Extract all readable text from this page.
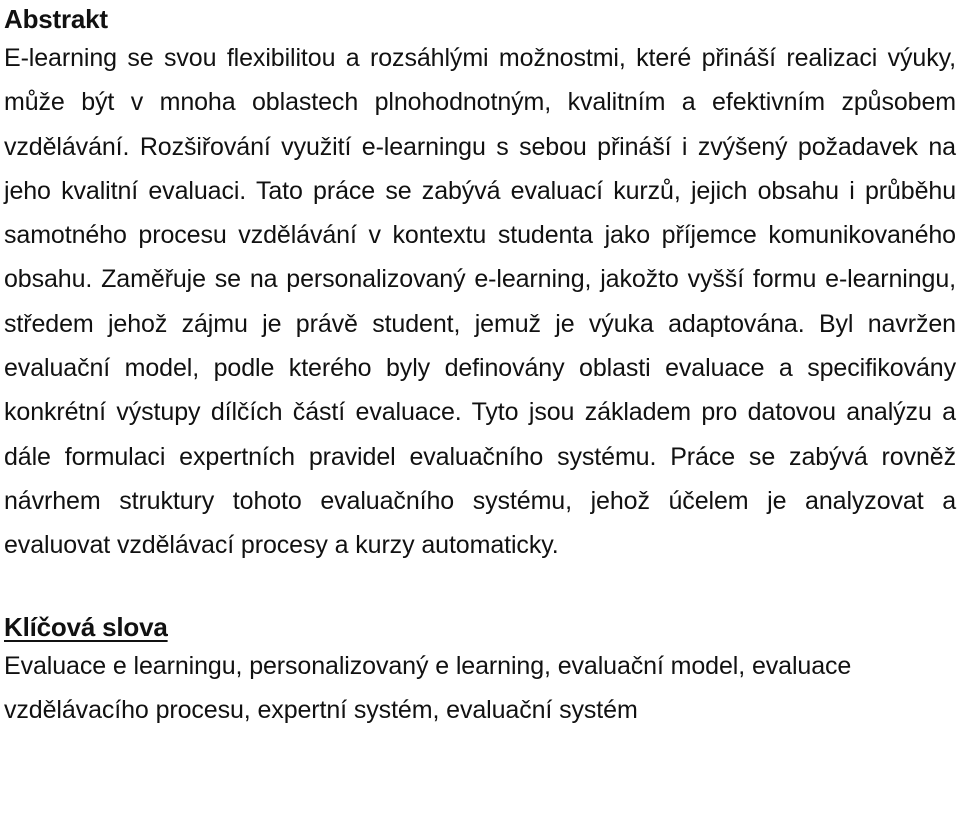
Abstrakt

E-learning se svou flexibilitou a rozsáhlými možnostmi, které přináší realizaci výuky, může být v mnoha oblastech plnohodnotným, kvalitním a efektivním způsobem vzdělávání. Rozšiřování využití e-learningu s sebou přináší i zvýšený požadavek na jeho kvalitní evaluaci. Tato práce se zabývá evaluací kurzů, jejich obsahu i průběhu samotného procesu vzdělávání v kontextu studenta jako příjemce komunikovaného obsahu. Zaměřuje se na personalizovaný e-learning, jakožto vyšší formu e-learningu, středem jehož zájmu je právě student, jemuž je výuka adaptována. Byl navržen evaluační model, podle kterého byly definovány oblasti evaluace a specifikovány konkrétní výstupy dílčích částí evaluace. Tyto jsou základem pro datovou analýzu a dále formulaci expertních pravidel evaluačního systému. Práce se zabývá rovněž návrhem struktury tohoto evaluačního systému, jehož účelem je analyzovat a evaluovat vzdělávací procesy a kurzy automaticky.

Klíčová slova

Evaluace e learningu, personalizovaný e learning, evaluační model, evaluace vzdělávacího procesu, expertní systém, evaluační systém
